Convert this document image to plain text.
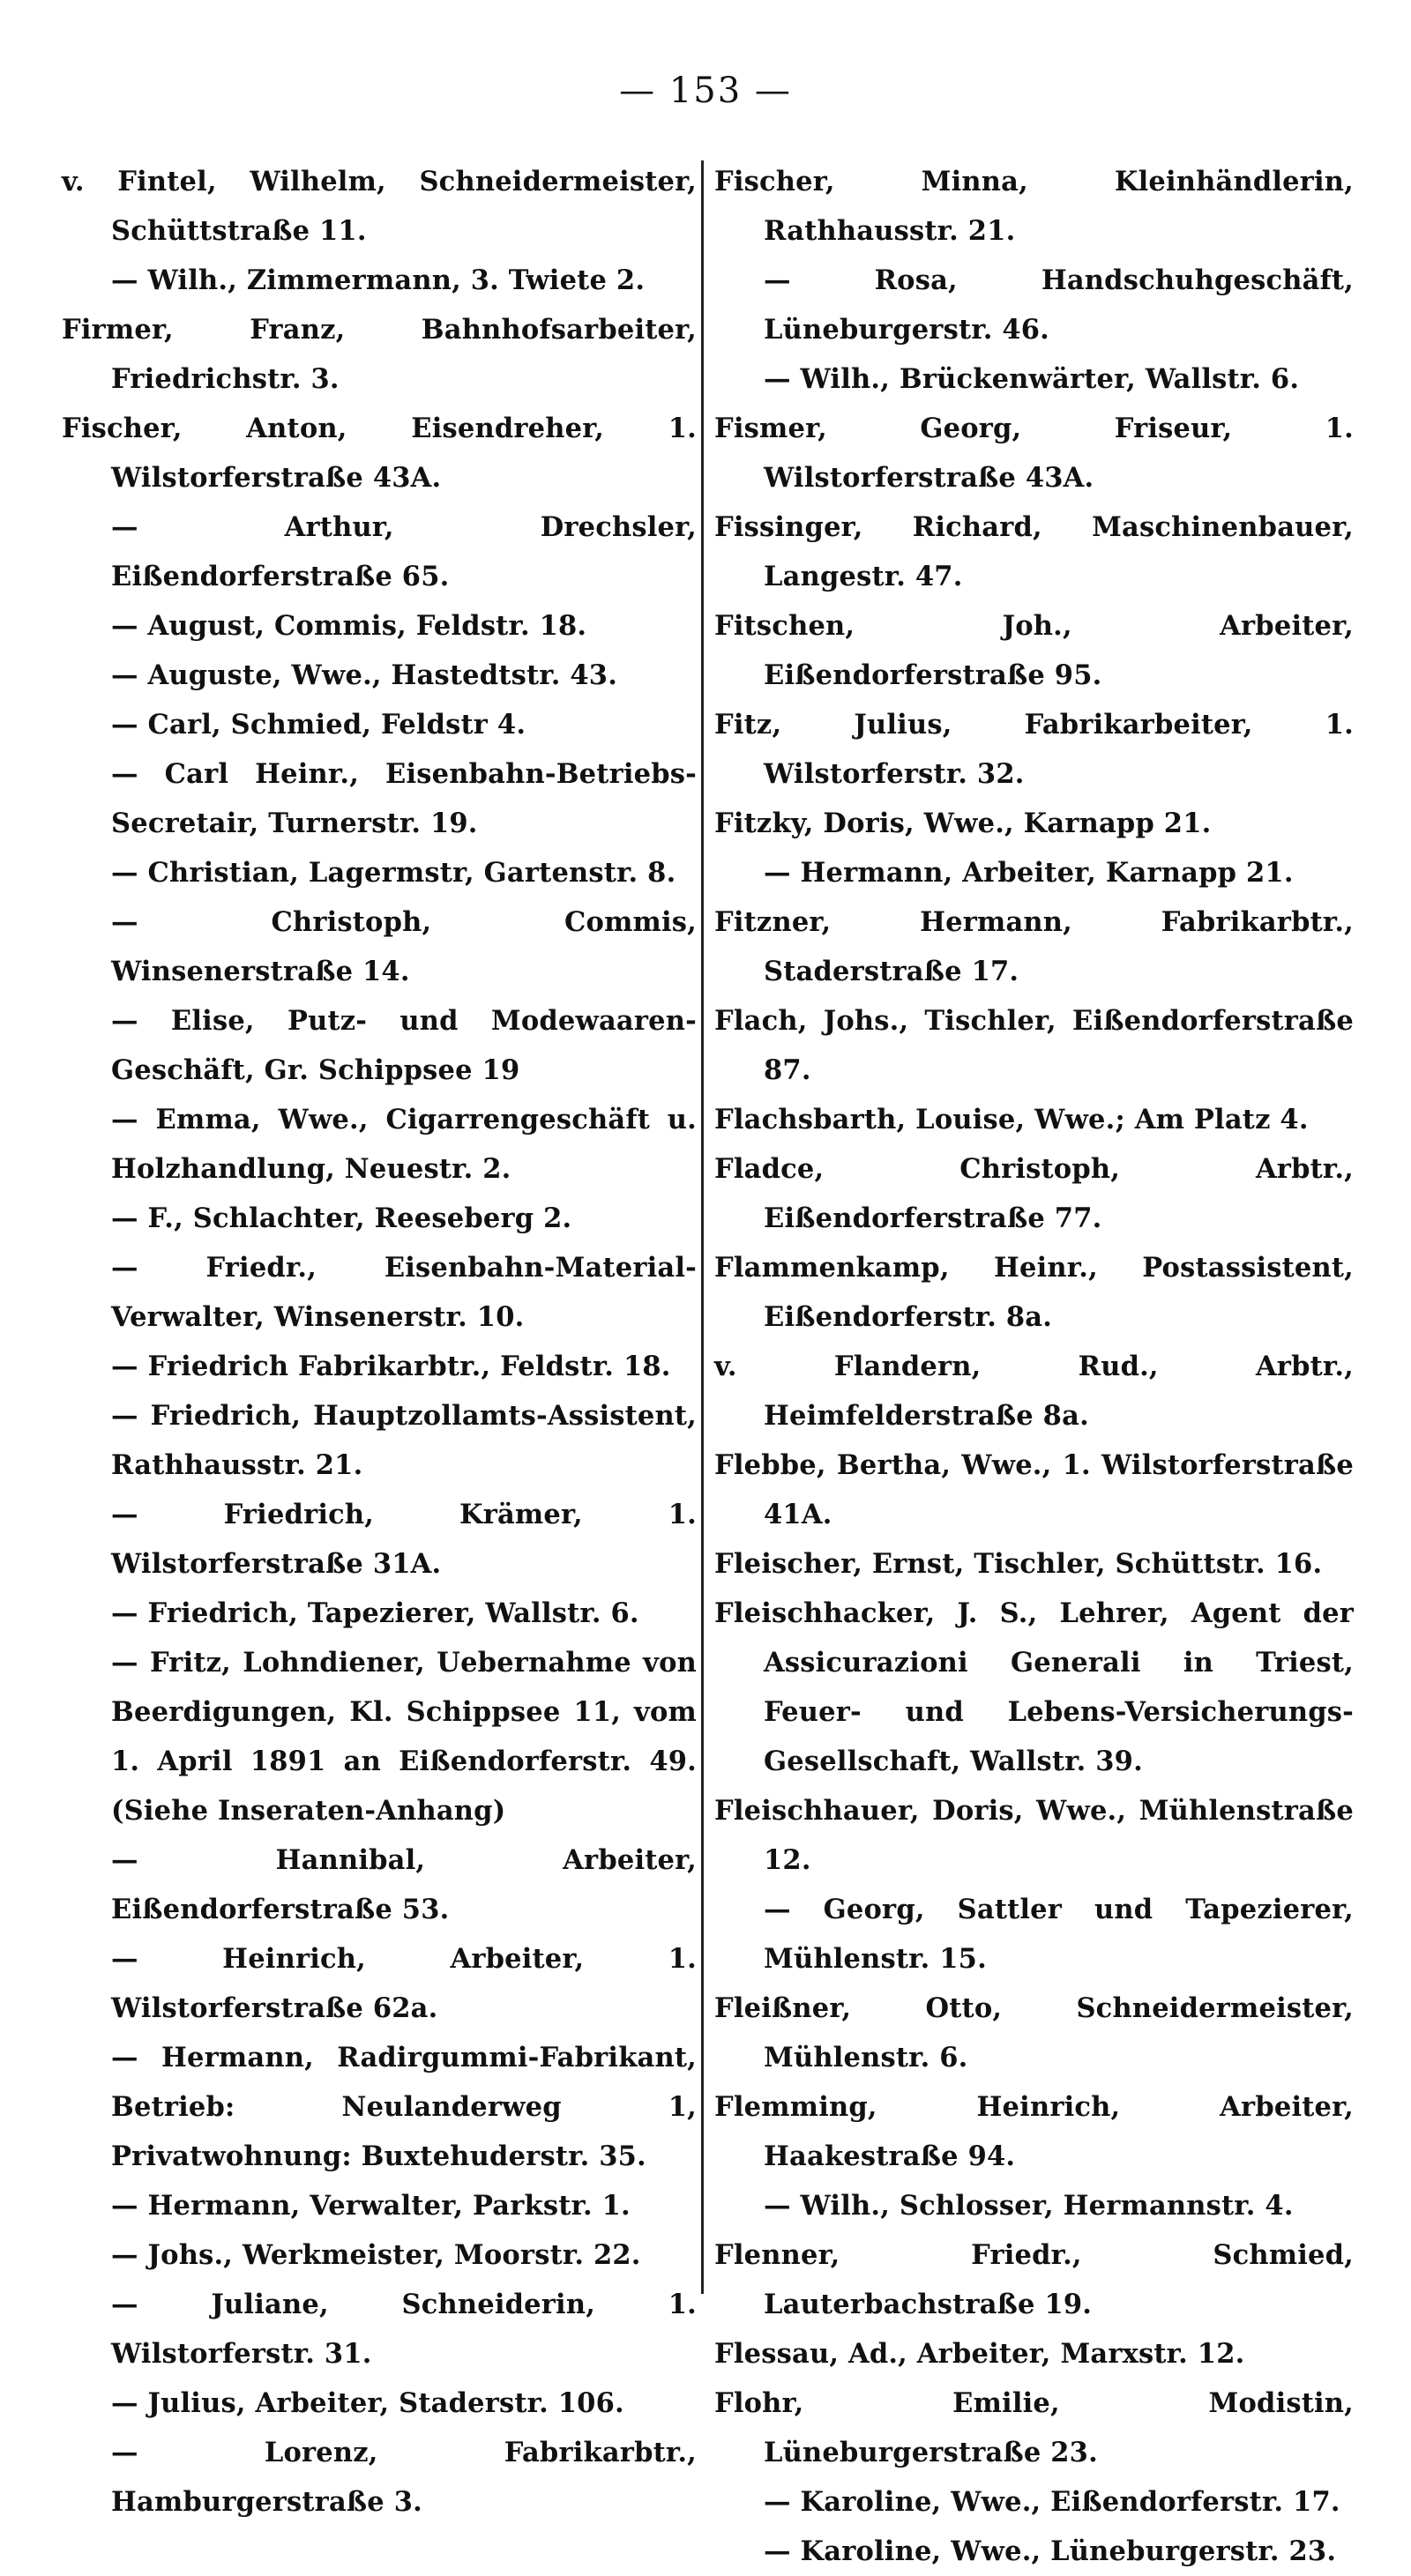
— 153 —
v. Fintel, Wilhelm, Schneidermeister, Schüttstraße 11.
— Wilh., Zimmermann, 3. Twiete 2.
Firmer, Franz, Bahnhofsarbeiter, Friedrichstr. 3.
Fischer, Anton, Eisendreher, 1. Wilstorferstraße 43A.
— Arthur, Drechsler, Eißendorferstraße 65.
— August, Commis, Feldstr. 18.
— Auguste, Wwe., Hastedtstr. 43.
— Carl, Schmied, Feldstr 4.
— Carl Heinr., Eisenbahn-Betriebs-Secretair, Turnerstr. 19.
— Christian, Lagermstr, Gartenstr. 8.
— Christoph, Commis, Winsenerstraße 14.
— Elise, Putz- und Modewaaren-Geschäft, Gr. Schippsee 19
— Emma, Wwe., Cigarrengeschäft u. Holzhandlung, Neuestr. 2.
— F., Schlachter, Reeseberg 2.
— Friedr., Eisenbahn-Material-Verwalter, Winsenerstr. 10.
— Friedrich Fabrikarbtr., Feldstr. 18.
— Friedrich, Hauptzollamts-Assistent, Rathhausstr. 21.
— Friedrich, Krämer, 1. Wilstorferstraße 31A.
— Friedrich, Tapezierer, Wallstr. 6.
— Fritz, Lohndiener, Uebernahme von Beerdigungen, Kl. Schippsee 11, vom 1. April 1891 an Eißendorferstr. 49. (Siehe Inseraten-Anhang)
— Hannibal, Arbeiter, Eißendorferstraße 53.
— Heinrich, Arbeiter, 1. Wilstorferstraße 62a.
— Hermann, Radirgummi-Fabrikant, Betrieb: Neulanderweg 1, Privatwohnung: Buxtehuderstr. 35.
— Hermann, Verwalter, Parkstr. 1.
— Johs., Werkmeister, Moorstr. 22.
— Juliane, Schneiderin, 1. Wilstorferstr. 31.
— Julius, Arbeiter, Staderstr. 106.
— Lorenz, Fabrikarbtr., Hamburgerstraße 3.
Fischer, Minna, Kleinhändlerin, Rathhausstr. 21.
— Rosa, Handschuhgeschäft, Lüneburgerstr. 46.
— Wilh., Brückenwärter, Wallstr. 6.
Fismer, Georg, Friseur, 1. Wilstorferstraße 43A.
Fissinger, Richard, Maschinenbauer, Langestr. 47.
Fitschen, Joh., Arbeiter, Eißendorferstraße 95.
Fitz, Julius, Fabrikarbeiter, 1. Wilstorferstr. 32.
Fitzky, Doris, Wwe., Karnapp 21.
— Hermann, Arbeiter, Karnapp 21.
Fitzner, Hermann, Fabrikarbtr., Staderstraße 17.
Flach, Johs., Tischler, Eißendorferstraße 87.
Flachsbarth, Louise, Wwe.; Am Platz 4.
Fladce, Christoph, Arbtr., Eißendorferstraße 77.
Flammenkamp, Heinr., Postassistent, Eißendorferstr. 8a.
v. Flandern, Rud., Arbtr., Heimfelderstraße 8a.
Flebbe, Bertha, Wwe., 1. Wilstorferstraße 41A.
Fleischer, Ernst, Tischler, Schüttstr. 16.
Fleischhacker, J. S., Lehrer, Agent der Assicurazioni Generali in Triest, Feuer- und Lebens-Versicherungs-Gesellschaft, Wallstr. 39.
Fleischhauer, Doris, Wwe., Mühlenstraße 12.
— Georg, Sattler und Tapezierer, Mühlenstr. 15.
Fleißner, Otto, Schneidermeister, Mühlenstr. 6.
Flemming, Heinrich, Arbeiter, Haakestraße 94.
— Wilh., Schlosser, Hermannstr. 4.
Flenner, Friedr., Schmied, Lauterbachstraße 19.
Flessau, Ad., Arbeiter, Marxstr. 12.
Flohr, Emilie, Modistin, Lüneburgerstraße 23.
— Karoline, Wwe., Eißendorferstr. 17.
— Karoline, Wwe., Lüneburgerstr. 23.
